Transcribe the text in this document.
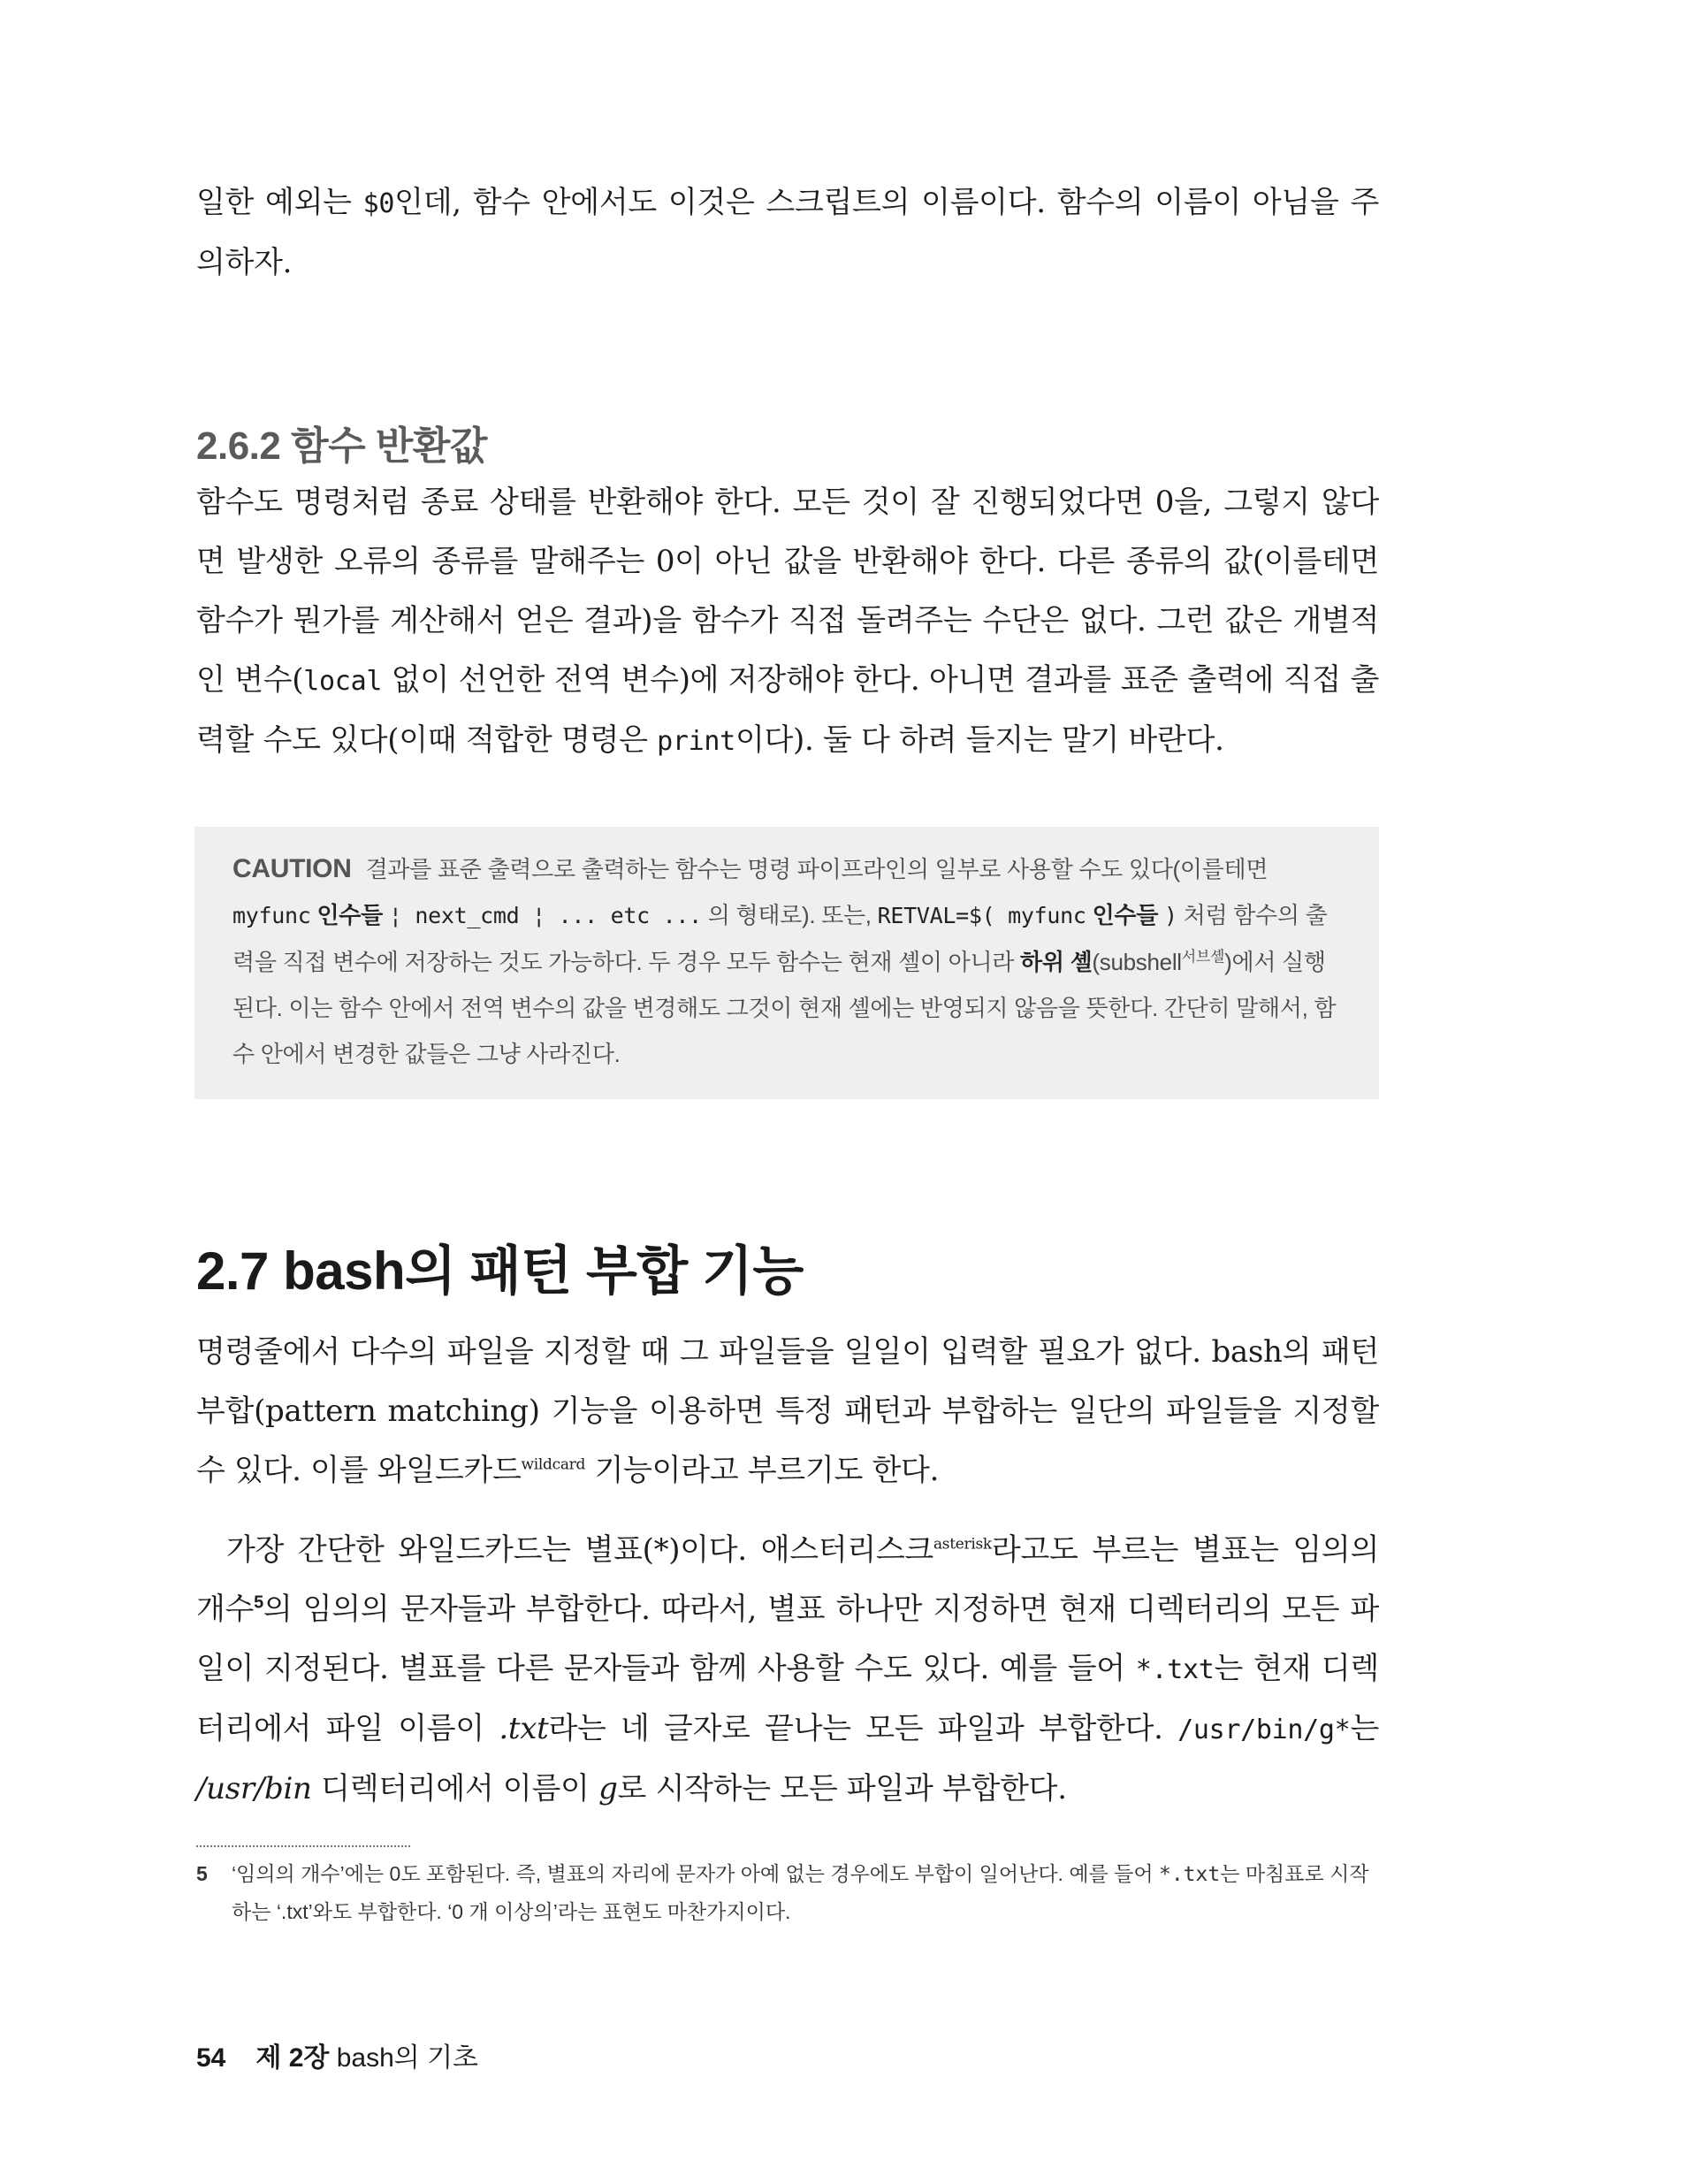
일한 예외는 $0인데, 함수 안에서도 이것은 스크립트의 이름이다. 함수의 이름이 아님을 주의하자.

2.6.2 함수 반환값

함수도 명령처럼 종료 상태를 반환해야 한다. 모든 것이 잘 진행되었다면 0을, 그렇지 않다면 발생한 오류의 종류를 말해주는 0이 아닌 값을 반환해야 한다. 다른 종류의 값(이를테면 함수가 뭔가를 계산해서 얻은 결과)을 함수가 직접 돌려주는 수단은 없다. 그런 값은 개별적인 변수(local 없이 선언한 전역 변수)에 저장해야 한다. 아니면 결과를 표준 출력에 직접 출력할 수도 있다(이때 적합한 명령은 print이다). 둘 다 하려 들지는 말기 바란다.

CAUTION 결과를 표준 출력으로 출력하는 함수는 명령 파이프라인의 일부로 사용할 수도 있다(이를테면 myfunc 인수들 ¦ next_cmd ¦ ... etc ... 의 형태로). 또는, RETVAL=$( myfunc 인수들 ) 처럼 함수의 출력을 직접 변수에 저장하는 것도 가능하다. 두 경우 모두 함수는 현재 셸이 아니라 하위 셸(subshell$^{서브셸}$)에서 실행된다. 이는 함수 안에서 전역 변수의 값을 변경해도 그것이 현재 셸에는 반영되지 않음을 뜻한다. 간단히 말해서, 함수 안에서 변경한 값들은 그냥 사라진다.

2.7 bash의 패턴 부합 기능

명령줄에서 다수의 파일을 지정할 때 그 파일들을 일일이 입력할 필요가 없다. bash의 패턴 부합(pattern matching) 기능을 이용하면 특정 패턴과 부합하는 일단의 파일들을 지정할 수 있다. 이를 와일드카드$^{wildcard}$ 기능이라고 부르기도 한다.

가장 간단한 와일드카드는 별표(*)이다. 애스터리스크$^{asterisk}$라고도 부르는 별표는 임의의 개수$^5$의 임의의 문자들과 부합한다. 따라서, 별표 하나만 지정하면 현재 디렉터리의 모든 파일이 지정된다. 별표를 다른 문자들과 함께 사용할 수도 있다. 예를 들어 *.txt는 현재 디렉터리에서 파일 이름이 .txt라는 네 글자로 끝나는 모든 파일과 부합한다. /usr/bin/g*는 /usr/bin 디렉터리에서 이름이 g로 시작하는 모든 파일과 부합한다.

5 ‘임의의 개수’에는 0도 포함된다. 즉, 별표의 자리에 문자가 아예 없는 경우에도 부합이 일어난다. 예를 들어 *.txt는 마침표로 시작하는 ‘.txt’와도 부합한다. ‘0 개 이상의’라는 표현도 마찬가지이다.
54 제 2장 bash의 기초
